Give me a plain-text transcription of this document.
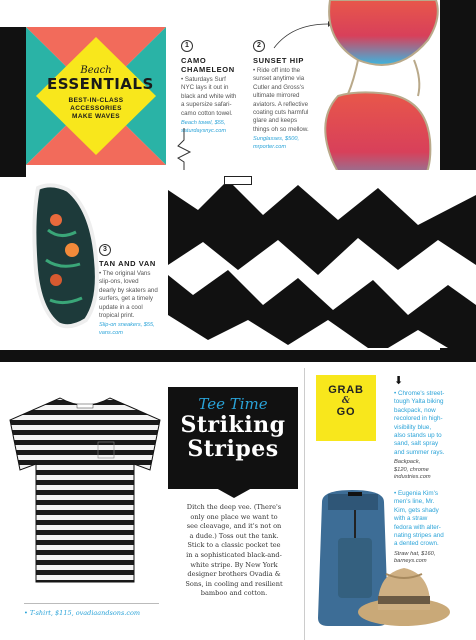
Beach
ESSENTIALS
BEST-IN-CLASS
ACCESSORIES
MAKE WAVES
1
CAMO
CHAMELEON
• Saturdays Surf
NYC lays it out in
black and white with
a supersize safari-
camo cotton towel.
Beach towel, $55,
saturdaysnyc.com
2
SUNSET HIP
• Ride off into the
sunset anytime via
Cutler and Gross's
ultimate mirrored
aviators. A reflective
coating cuts harmful
glare and keeps
things oh so mellow.
Sunglasses, $500,
mrporter.com
3
TAN AND VAN
• The original Vans
slip-ons, loved
dearly by skaters and
surfers, get a timely
update in a cool
tropical print.
Slip-on sneakers, $55,
vans.com
• T-shirt, $115, ovadiaandsons.com
Tee Time
Striking
Stripes
Ditch the deep vee. (There's
only one place we want to
see cleavage, and it's not on
a dude.) Toss out the tank.
Stick to a classic pocket tee
in a sophisticated black-and-
white stripe. By New York
designer brothers Ovadia &
Sons, in cooling and resilient
bamboo and cotton.
GRAB
&
GO
⬇
• Chrome's street-
tough Yalta biking
backpack, now
recolored in high-
visibility blue,
also stands up to
sand, salt spray
and summer rays.
Backpack,
$120, chrome
industries.com
• Eugenia Kim's
men's line, Mr.
Kim, gets shady
with a straw
fedora with alter-
nating stripes and
a dented crown.
Straw hat, $160,
barneys.com
